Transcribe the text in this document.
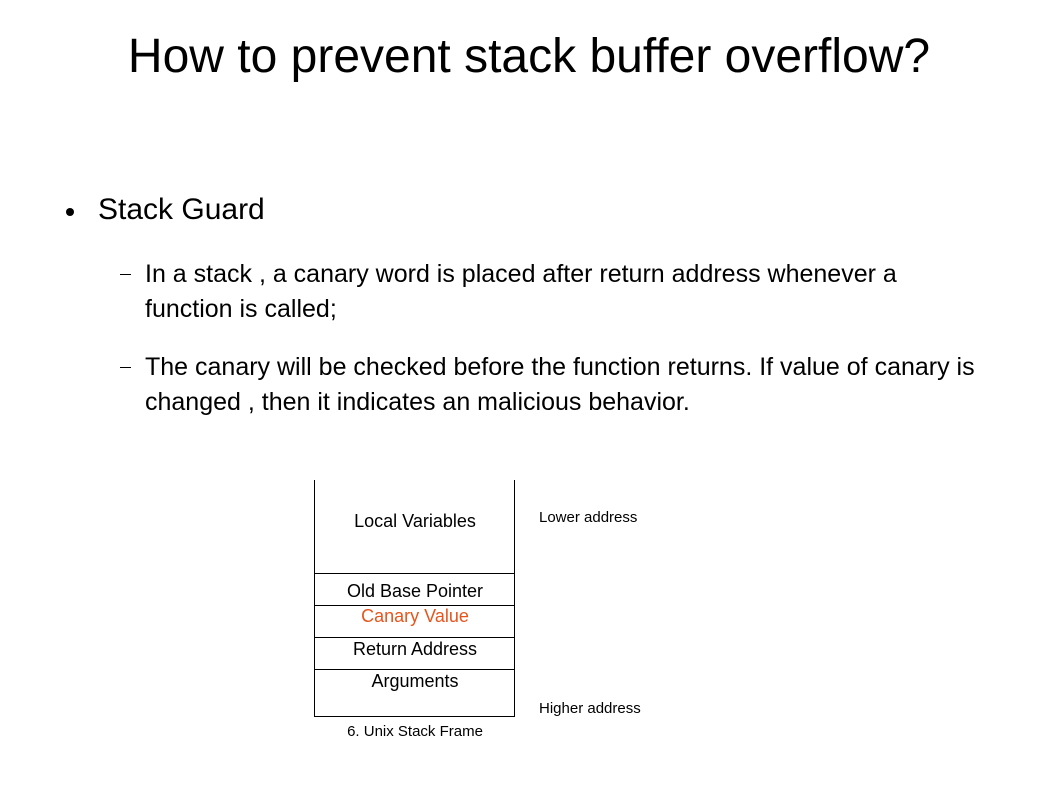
How to prevent stack buffer overflow?
Stack Guard
In a stack , a canary word is placed after return address whenever a function is called;
The canary will be checked before the function returns. If value of canary is changed , then it indicates an malicious behavior.
Local Variables
Old Base Pointer
Canary Value
Return Address
Arguments
Lower address
Higher address
6. Unix Stack Frame
